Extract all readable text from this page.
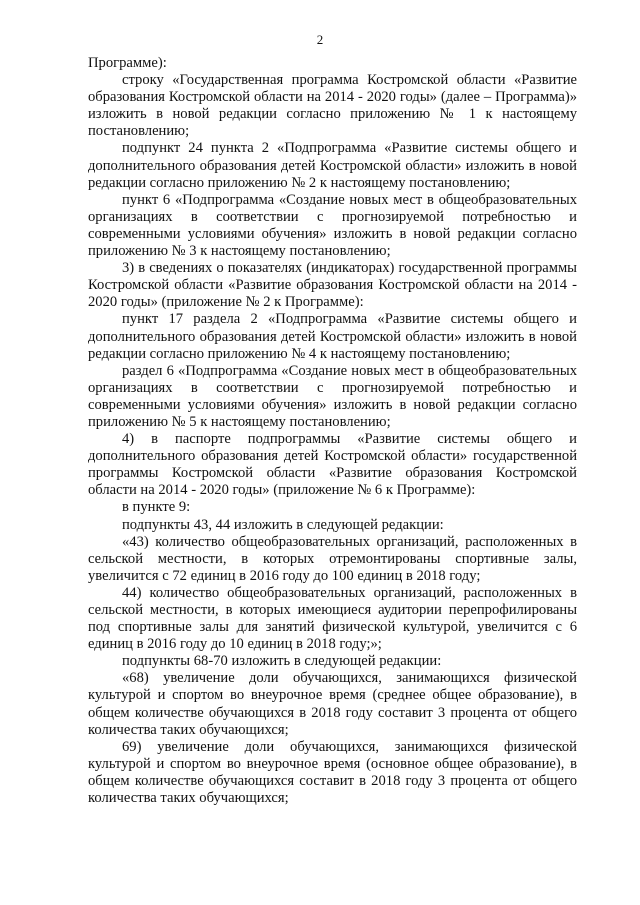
2

Программе):

строку «Государственная программа Костромской области «Развитие образования Костромской области на 2014 - 2020 годы» (далее – Программа)» изложить в новой редакции согласно приложению № 1 к настоящему постановлению;

подпункт 24 пункта 2 «Подпрограмма «Развитие системы общего и дополнительного образования детей Костромской области» изложить в новой редакции согласно приложению № 2 к настоящему постановлению;

пункт 6 «Подпрограмма «Создание новых мест в общеобразовательных организациях в соответствии с прогнозируемой потребностью и современными условиями обучения» изложить в новой редакции согласно приложению № 3 к настоящему постановлению;

3) в сведениях о показателях (индикаторах) государственной программы Костромской области «Развитие образования Костромской области на 2014 - 2020 годы» (приложение № 2 к Программе):

пункт 17 раздела 2 «Подпрограмма «Развитие системы общего и дополнительного образования детей Костромской области» изложить в новой редакции согласно приложению № 4 к настоящему постановлению;

раздел 6 «Подпрограмма «Создание новых мест в общеобразовательных организациях в соответствии с прогнозируемой потребностью и современными условиями обучения» изложить в новой редакции согласно приложению № 5 к настоящему постановлению;

4) в паспорте подпрограммы «Развитие системы общего и дополнительного образования детей Костромской области» государственной программы Костромской области «Развитие образования Костромской области на 2014 - 2020 годы» (приложение № 6 к Программе):

в пункте 9:

подпункты 43, 44 изложить в следующей редакции:

«43) количество общеобразовательных организаций, расположенных в сельской местности, в которых отремонтированы спортивные залы, увеличится с 72 единиц в 2016 году до 100 единиц в 2018 году;

44) количество общеобразовательных организаций, расположенных в сельской местности, в которых имеющиеся аудитории перепрофилированы под спортивные залы для занятий физической культурой, увеличится с 6 единиц в 2016 году до 10 единиц в 2018 году;»;

подпункты 68-70 изложить в следующей редакции:

«68) увеличение доли обучающихся, занимающихся физической культурой и спортом во внеурочное время (среднее общее образование), в общем количестве обучающихся в 2018 году составит 3 процента от общего количества таких обучающихся;

69) увеличение доли обучающихся, занимающихся физической культурой и спортом во внеурочное время (основное общее образование), в общем количестве обучающихся составит в 2018 году 3 процента от общего количества таких обучающихся;
